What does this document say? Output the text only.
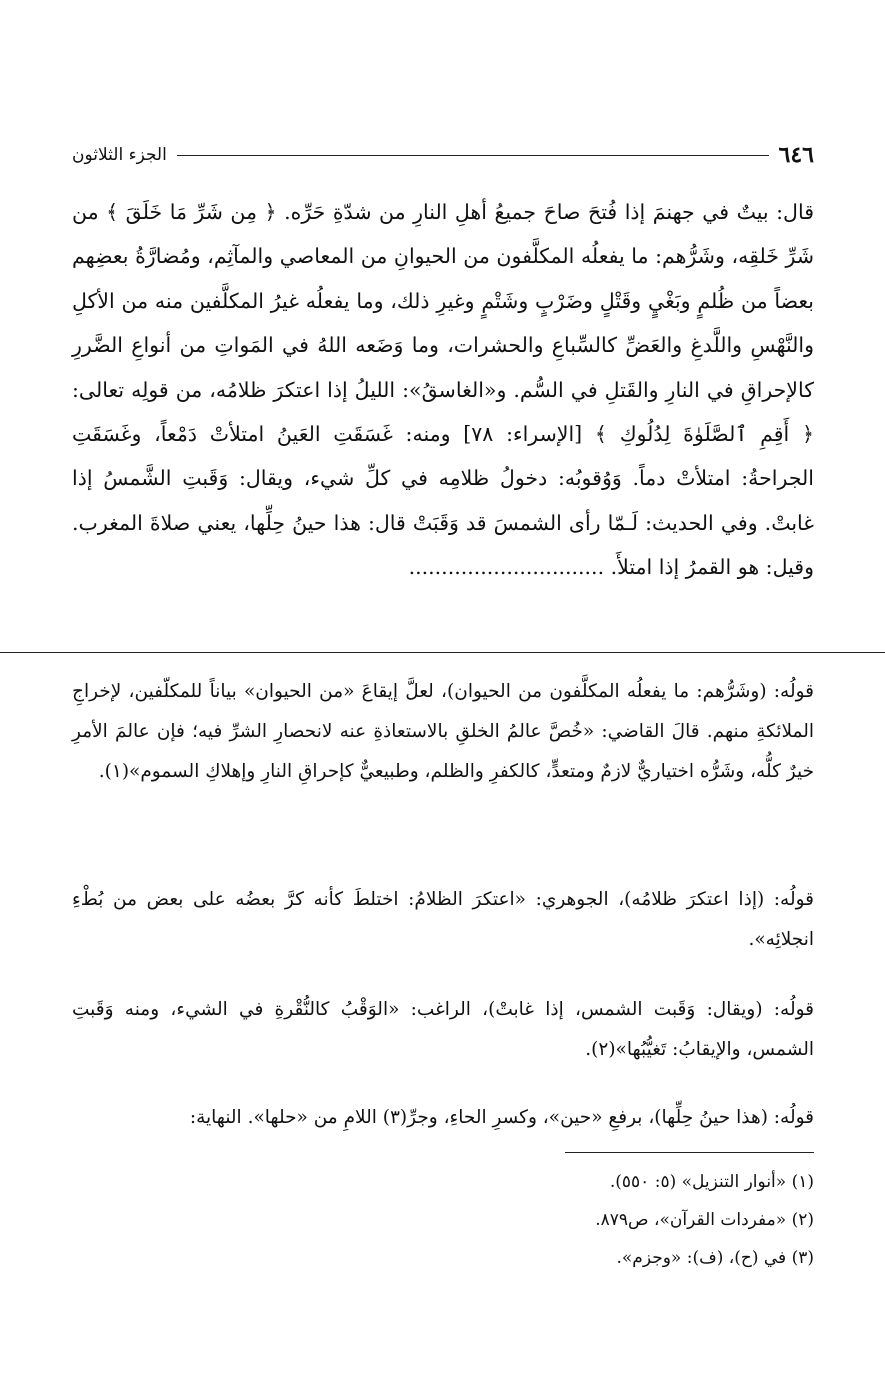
٦٤٦
الجزء الثلاثون
قال: بيتٌ في جهنمَ إذا فُتحَ صاحَ جميعُ أهلِ النارِ من شدّةِ حَرِّه. ﴿ مِن شَرِّ مَا خَلَقَ ﴾ من شَرِّ خَلقِه، وشَرُّهم: ما يفعلُه المكلَّفون من الحيوانِ من المعاصي والمآثِم، ومُضارَّةُ بعضِهم بعضاً من ظُلمٍ وبَغْيٍ وقَتْلٍ وضَرْبٍ وشَتْمٍ وغيرِ ذلك، وما يفعلُه غيرُ المكلَّفين منه من الأكلِ والنَّهْسِ واللَّدغِ والعَضِّ كالسِّباعِ والحشرات، وما وَضَعه اللهُ في المَواتِ من أنواعِ الضَّررِ كالإحراقِ في النارِ والقَتلِ في السُّم. و«الغاسقُ»: الليلُ إذا اعتكرَ ظلامُه، من قولِه تعالى: ﴿ أَقِمِ ٱلصَّلَوٰةَ لِدُلُوكِ ﴾ [الإسراء: ٧٨] ومنه: غَسَقَتِ العَينُ امتلأتْ دَمْعاً، وغَسَقَتِ الجراحةُ: امتلأتْ دماً. وَوُقوبُه: دخولُ ظلامِه في كلِّ شيء، ويقال: وَقَبتِ الشَّمسُ إذا غابتْ. وفي الحديث: لَـمّا رأى الشمسَ قد وَقَبَتْ قال: هذا حينُ حِلِّها، يعني صلاةَ المغرب. وقيل: هو القمرُ إذا امتلأَ. ..............................
قولُه: (وشَرُّهم: ما يفعلُه المكلَّفون من الحيوان)، لعلَّ إيقاعَ «من الحيوان» بياناً للمكلّفين، لإخراجِ الملائكةِ منهم. قالَ القاضي: «خُصَّ عالمُ الخلقِ بالاستعاذةِ عنه لانحصارِ الشرِّ فيه؛ فإن عالمَ الأمرِ خيرٌ كلُّه، وشَرُّه اختياريٌّ لازمٌ ومتعدٍّ، كالكفرِ والظلم، وطبيعيٌّ كإحراقِ النارِ وإهلاكِ السموم»(١).
قولُه: (إذا اعتكرَ ظلامُه)، الجوهري: «اعتكرَ الظلامُ: اختلطَ كأنه كرَّ بعضُه على بعض من بُطْءِ انجلائِه».
قولُه: (ويقال: وَقَبت الشمس، إذا غابتْ)، الراغب: «الوَقْبُ كالنُّقْرةِ في الشيء، ومنه وَقَبتِ الشمس، والإيقابُ: تَغيُّبُها»(٢).
قولُه: (هذا حينُ حِلِّها)، برفعِ «حين»، وكسرِ الحاءِ، وجرِّ(٣) اللامِ من «حلها». النهاية:
(١) «أنوار التنزيل» (٥: ٥٥٠).
(٢) «مفردات القرآن»، ص٨٧٩.
(٣) في (ح)، (ف): «وجزم».
